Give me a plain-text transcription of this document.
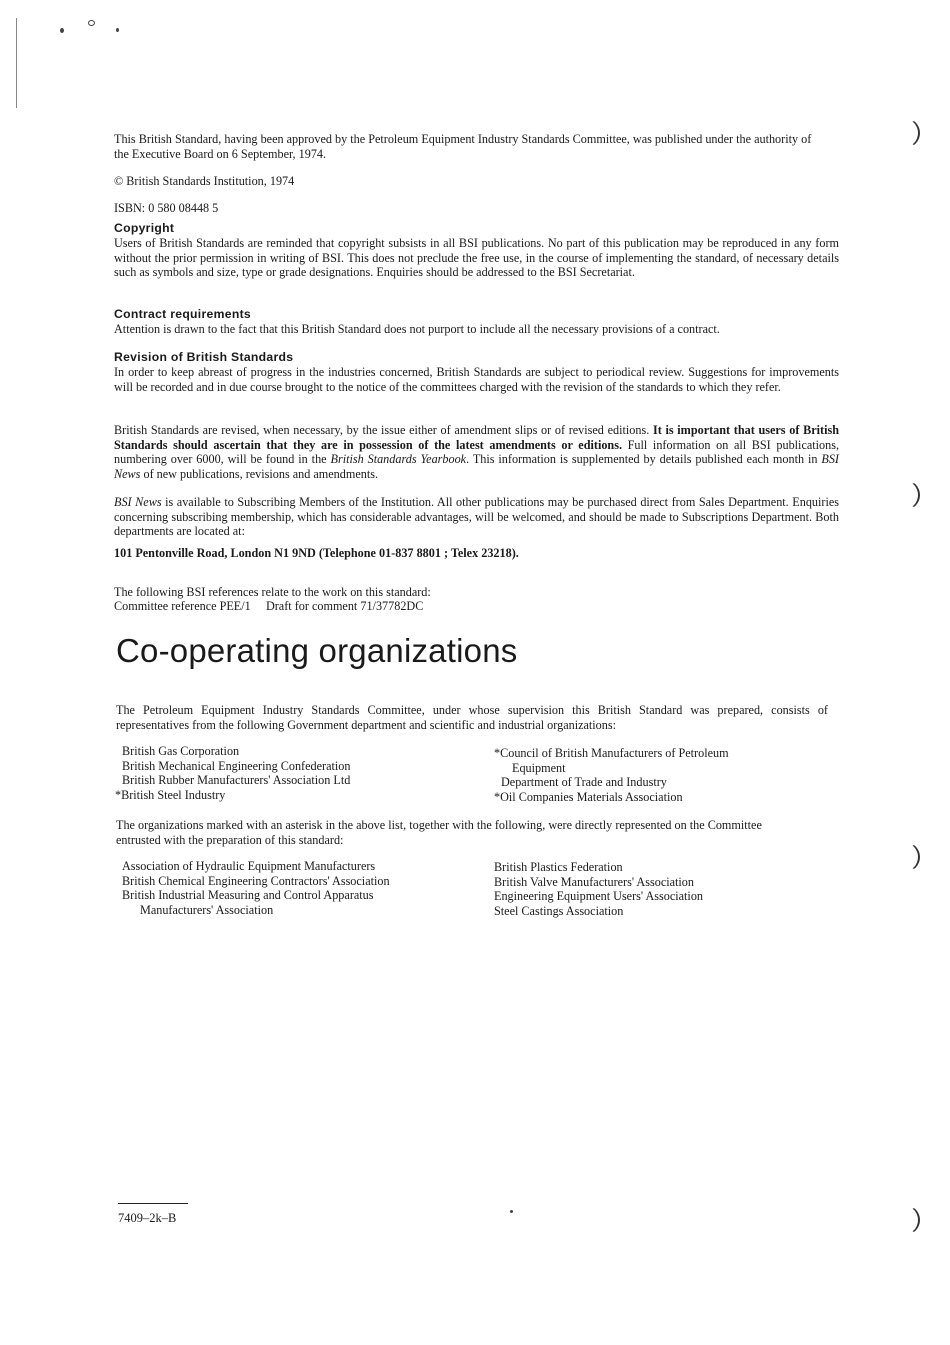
This British Standard, having been approved by the Petroleum Equipment Industry Standards Committee, was published under the authority of the Executive Board on 6 September, 1974.
© British Standards Institution, 1974
ISBN: 0 580 08448 5
Copyright
Users of British Standards are reminded that copyright subsists in all BSI publications. No part of this publication may be reproduced in any form without the prior permission in writing of BSI. This does not preclude the free use, in the course of implementing the standard, of necessary details such as symbols and size, type or grade designations. Enquiries should be addressed to the BSI Secretariat.
Contract requirements
Attention is drawn to the fact that this British Standard does not purport to include all the necessary provisions of a contract.
Revision of British Standards
In order to keep abreast of progress in the industries concerned, British Standards are subject to periodical review. Suggestions for improvements will be recorded and in due course brought to the notice of the committees charged with the revision of the standards to which they refer.
British Standards are revised, when necessary, by the issue either of amendment slips or of revised editions. It is important that users of British Standards should ascertain that they are in possession of the latest amendments or editions. Full information on all BSI publications, numbering over 6000, will be found in the British Standards Yearbook. This information is supplemented by details published each month in BSI News of new publications, revisions and amendments.
BSI News is available to Subscribing Members of the Institution. All other publications may be purchased direct from Sales Department. Enquiries concerning subscribing membership, which has considerable advantages, will be welcomed, and should be made to Subscriptions Department. Both departments are located at:
101 Pentonville Road, London N1 9ND (Telephone 01-837 8801 ; Telex 23218).
The following BSI references relate to the work on this standard:
Committee reference PEE/1     Draft for comment 71/37782DC
Co-operating organizations
The Petroleum Equipment Industry Standards Committee, under whose supervision this British Standard was prepared, consists of representatives from the following Government department and scientific and industrial organizations:
British Gas Corporation
British Mechanical Engineering Confederation
British Rubber Manufacturers' Association Ltd
*British Steel Industry
*Council of British Manufacturers of Petroleum
Equipment
Department of Trade and Industry
*Oil Companies Materials Association
The organizations marked with an asterisk in the above list, together with the following, were directly represented on the Committee entrusted with the preparation of this standard:
Association of Hydraulic Equipment Manufacturers
British Chemical Engineering Contractors' Association
British Industrial Measuring and Control Apparatus
Manufacturers' Association
British Plastics Federation
British Valve Manufacturers' Association
Engineering Equipment Users' Association
Steel Castings Association
7409–2k–B
